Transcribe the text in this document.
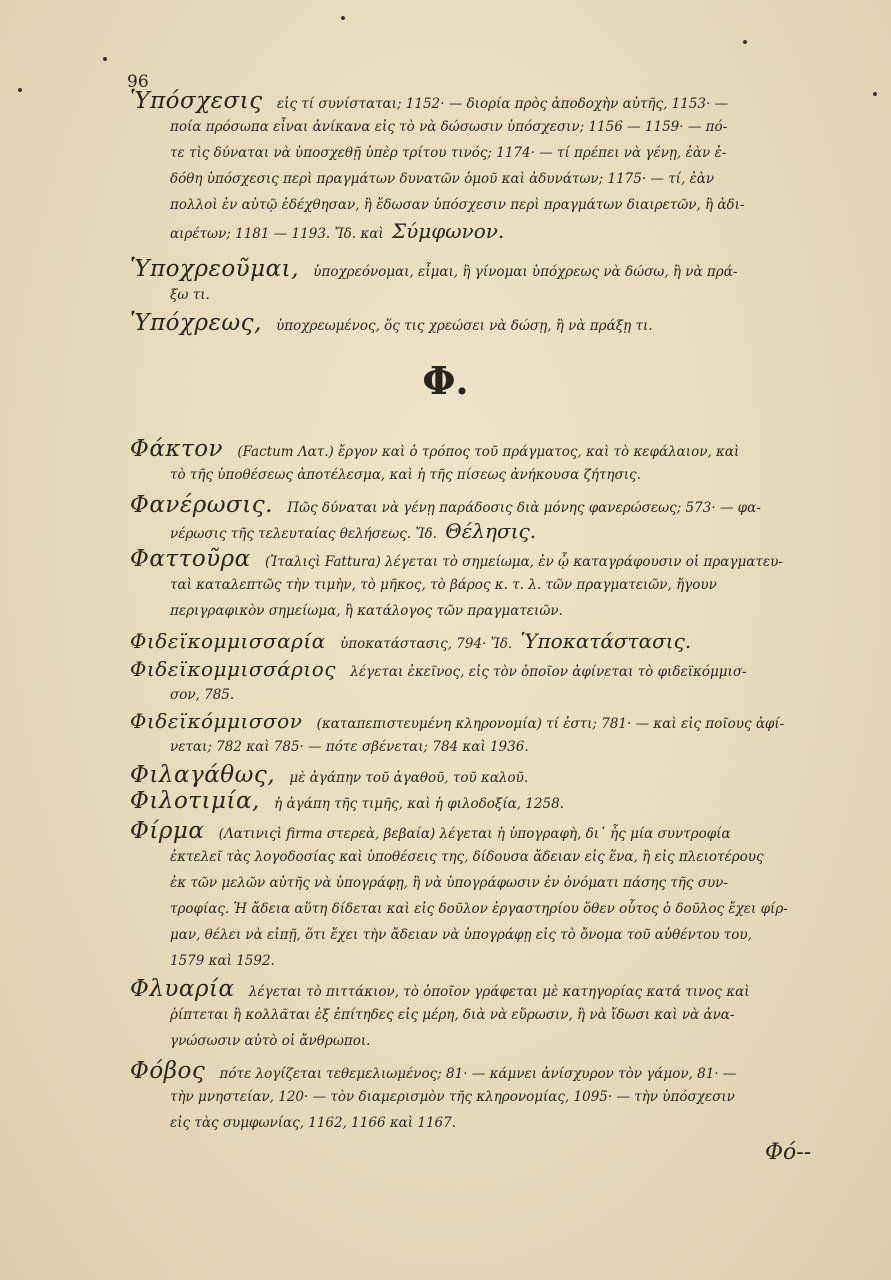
96
Ὑπόσχεσις εἰς τί συνίσταται; 1152· — διορία πρὸς ἀποδοχὴν αὐτῆς, 1153· —
ποία πρόσωπα εἶναι ἀνίκανα εἰς τὸ νὰ δώσωσιν ὑπόσχεσιν; 1156 — 1159· — πό-
τε τὶς δύναται νὰ ὑποσχεθῇ ὑπὲρ τρίτου τινός; 1174· — τί πρέπει νὰ γένῃ, ἐὰν ἐ-
δόθη ὑπόσχεσις περὶ πραγμάτων δυνατῶν ὁμοῦ καὶ ἀδυνάτων; 1175· — τί, ἐὰν
πολλοὶ ἐν αὐτῷ ἐδέχθησαν, ἢ ἔδωσαν ὑπόσχεσιν περὶ πραγμάτων διαιρετῶν, ἢ ἀδι-
αιρέτων; 1181 — 1193. Ἴδ. καὶ Σύμφωνον.
Ὑποχρεοῦμαι, ὑποχρεόνομαι, εἶμαι, ἢ γίνομαι ὑπόχρεως νὰ δώσω, ἢ νὰ πρά-
ξω τι.
Ὑπόχρεως, ὑποχρεωμένος, ὅς τις χρεώσει νὰ δώσῃ, ἢ νὰ πράξῃ τι.
Φ.
Φάκτον (Factum Λατ.) ἔργον καὶ ὁ τρόπος τοῦ πράγματος, καὶ τὸ κεφάλαιον, καὶ
τὸ τῆς ὑποθέσεως ἀποτέλεσμα, καὶ ἡ τῆς πίσεως ἀνήκουσα ζήτησις.
Φανέρωσις. Πῶς δύναται νὰ γένῃ παράδοσις διὰ μόνης φανερώσεως; 573· — φα-
νέρωσις τῆς τελευταίας θελήσεως. Ἴδ. Θέλησις.
Φαττοῦρα (Ἰταλιςὶ Fattura) λέγεται τὸ σημείωμα, ἐν ᾧ καταγράφουσιν οἱ πραγματευ-
ταὶ καταλεπτῶς τὴν τιμὴν, τὸ μῆκος, τὸ βάρος κ. τ. λ. τῶν πραγματειῶν, ἤγουν
περιγραφικὸν σημείωμα, ἢ κατάλογος τῶν πραγματειῶν.
Φιδεϊκομμισσαρία ὑποκατάστασις, 794· Ἴδ. Ὑποκατάστασις.
Φιδεϊκομμισσάριος λέγεται ἐκεῖνος, εἰς τὸν ὁποῖον ἀφίνεται τὸ φιδεϊκόμμισ-
σον, 785.
Φιδεϊκόμμισσον (καταπεπιστευμένη κληρονομία) τί ἐστι; 781· — καὶ εἰς ποῖους ἀφί-
νεται; 782 καὶ 785· — πότε σβένεται; 784 καὶ 1936.
Φιλαγάθως, μὲ ἀγάπην τοῦ ἀγαθοῦ, τοῦ καλοῦ.
Φιλοτιμία, ἡ ἀγάπη τῆς τιμῆς, καὶ ἡ φιλοδοξία, 1258.
Φίρμα (Λατινιςὶ firma στερεὰ, βεβαία) λέγεται ἡ ὑπογραφὴ, δι᾽ ἧς μία συντροφία
ἐκτελεῖ τὰς λογοδοσίας καὶ ὑποθέσεις της, δίδουσα ἄδειαν εἰς ἕνα, ἢ εἰς πλειοτέρους
ἐκ τῶν μελῶν αὐτῆς νὰ ὑπογράφῃ, ἢ νὰ ὑπογράφωσιν ἐν ὀνόματι πάσης τῆς συν-
τροφίας. Ἡ ἄδεια αὕτη δίδεται καὶ εἰς δοῦλον ἐργαστηρίου ὅθεν οὗτος ὁ δοῦλος ἔχει φίρ-
μαν, θέλει νὰ εἰπῇ, ὅτι ἔχει τὴν ἄδειαν νὰ ὑπογράφῃ εἰς τὸ ὄνομα τοῦ αὐθέντου του,
1579 καὶ 1592.
Φλυαρία λέγεται τὸ πιττάκιον, τὸ ὁποῖον γράφεται μὲ κατηγορίας κατά τινος καὶ
ῥίπτεται ἢ κολλᾶται ἐξ ἐπίτηδες εἰς μέρη, διὰ νὰ εὕρωσιν, ἢ νὰ ἴδωσι καὶ νὰ ἀνα-
γνώσωσιν αὐτὸ οἱ ἄνθρωποι.
Φόβος πότε λογίζεται τεθεμελιωμένος; 81· — κάμνει ἀνίσχυρον τὸν γάμον, 81· —
τὴν μνηστείαν, 120· — τὸν διαμερισμὸν τῆς κληρονομίας, 1095· — τὴν ὑπόσχεσιν
εἰς τὰς συμφωνίας, 1162, 1166 καὶ 1167.
Φό--
